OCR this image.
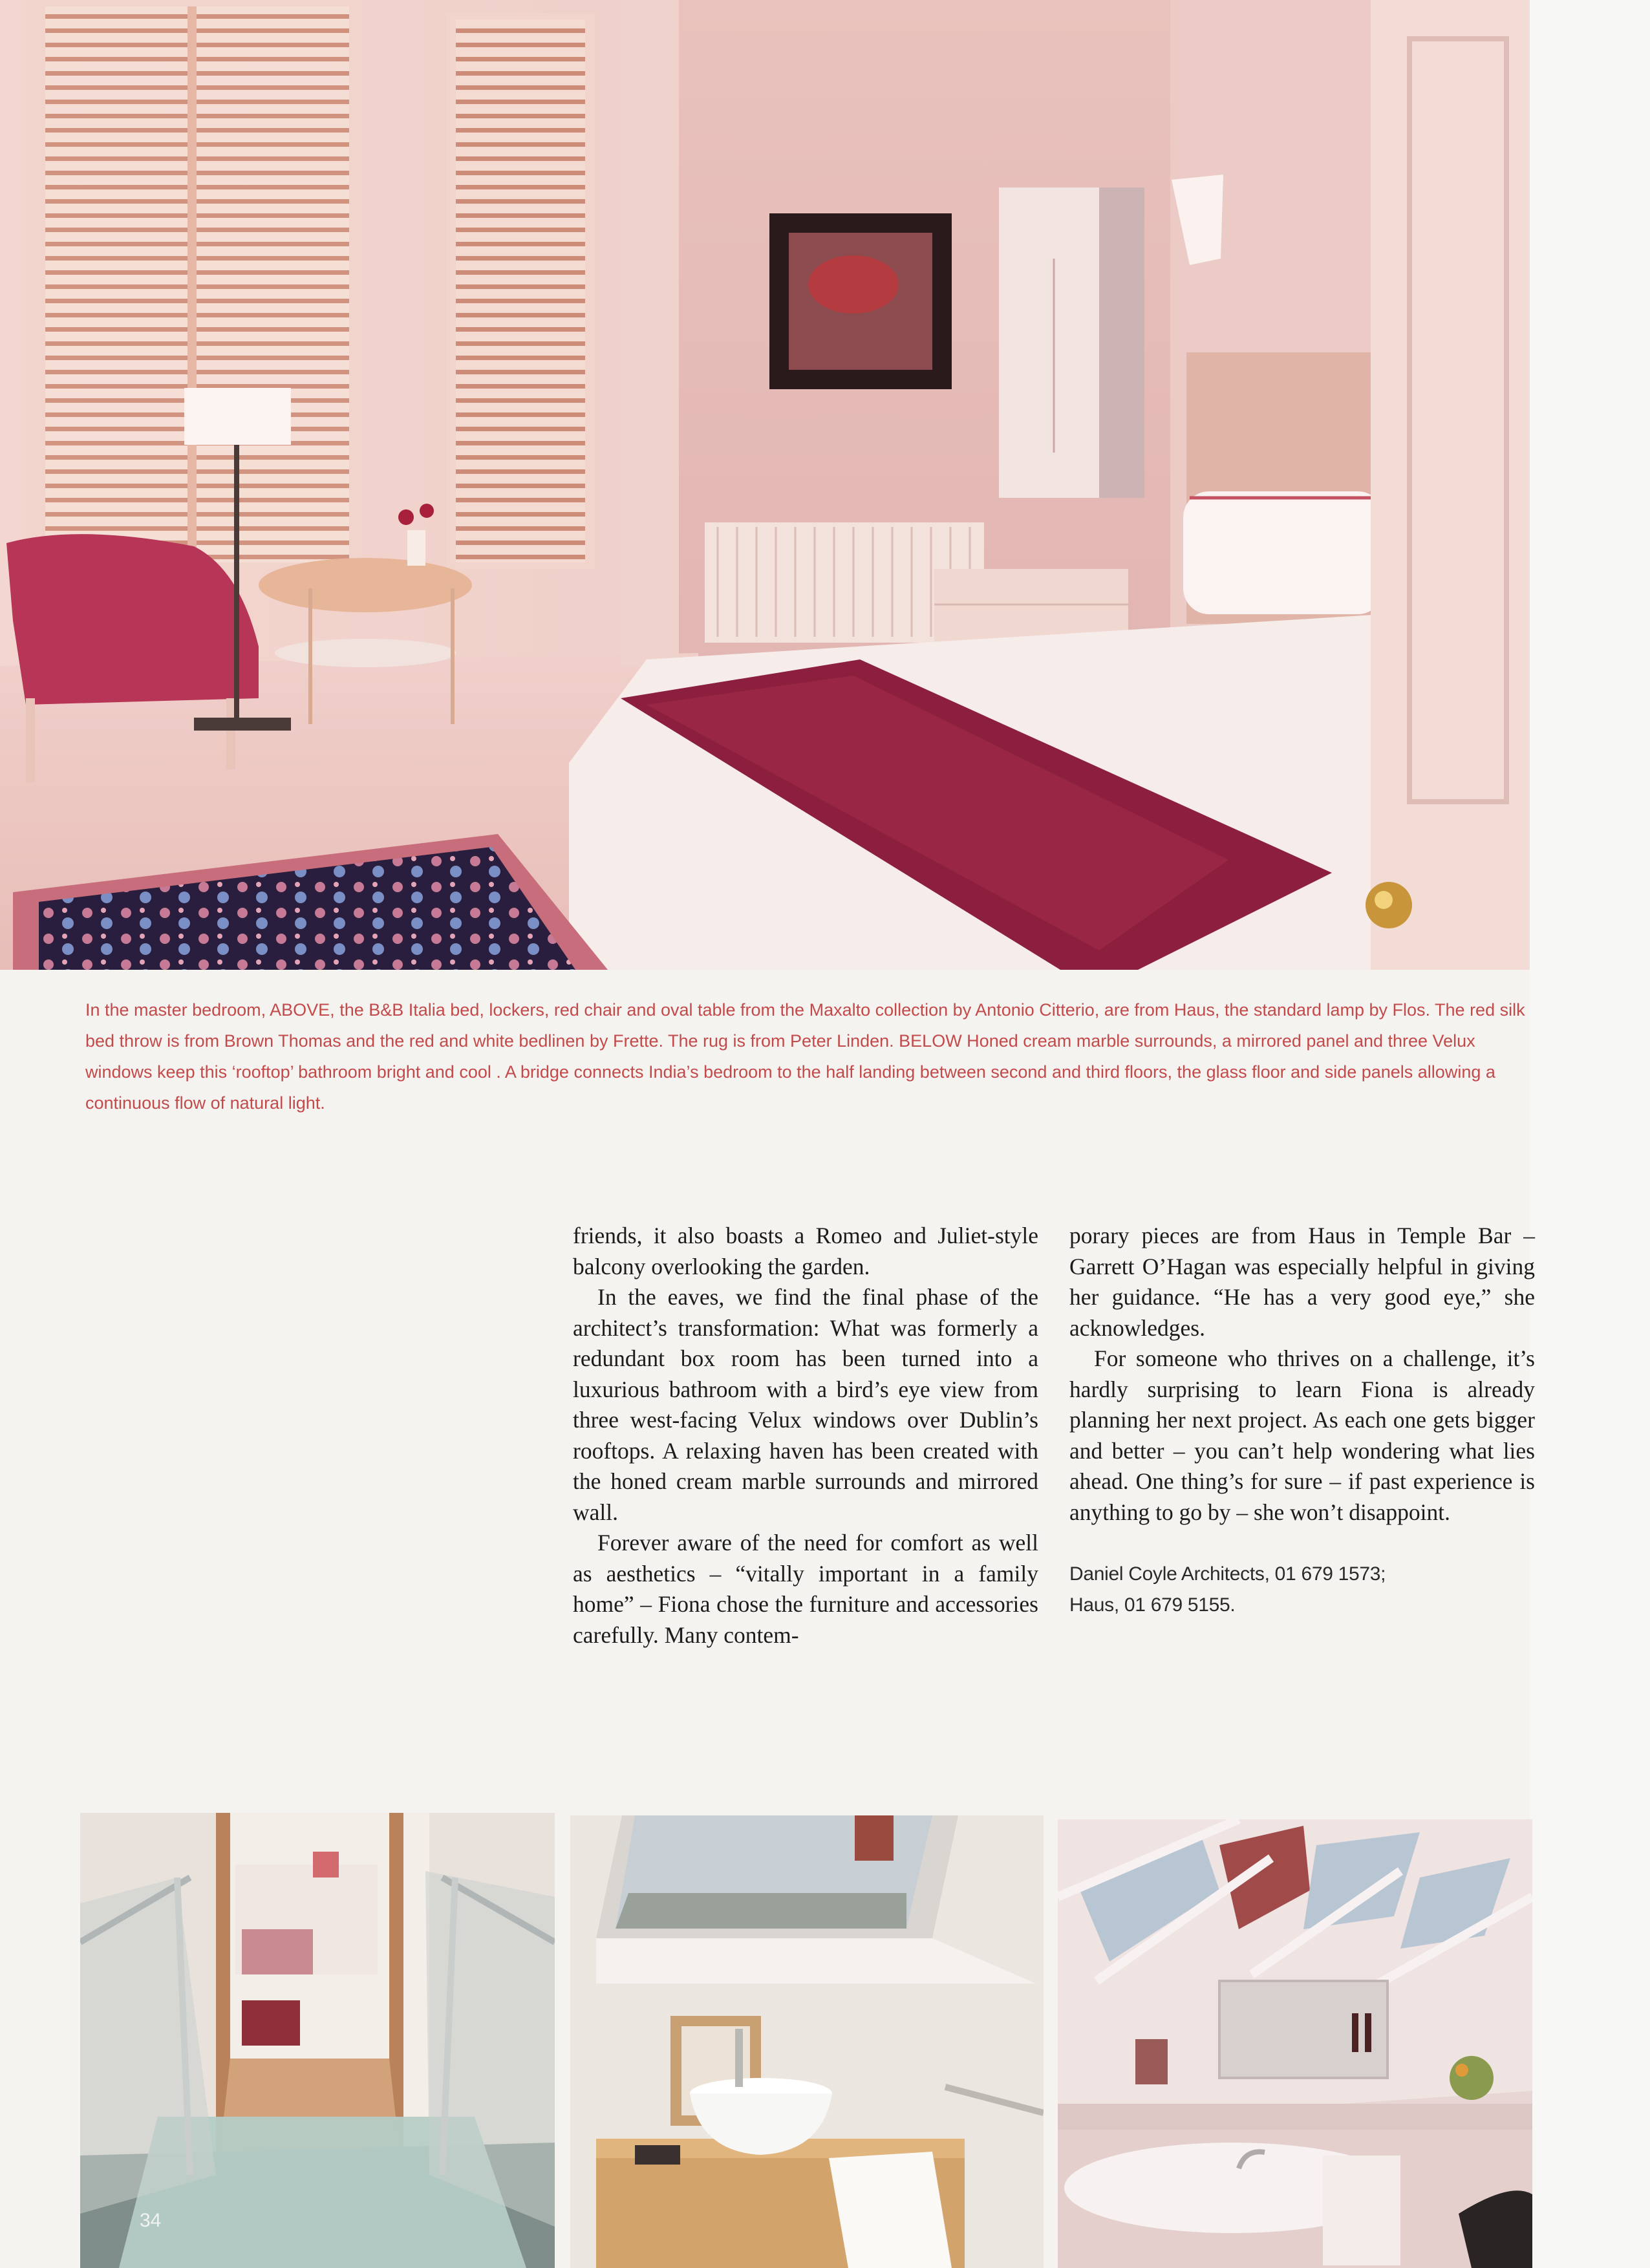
In the master bedroom, ABOVE, the B&B Italia bed, lockers, red chair and oval table from the Maxalto collection by Antonio Citterio, are from Haus, the standard lamp by Flos. The red silk bed throw is from Brown Thomas and the red and white bedlinen by Frette. The rug is from Peter Linden. BELOW Honed cream marble surrounds, a mirrored panel and three Velux windows keep this ‘rooftop’ bathroom bright and cool . A bridge connects India’s bedroom to the half landing between second and third floors, the glass floor and side panels allowing a continuous flow of natural light.

friends, it also boasts a Romeo and Juliet-style balcony overlooking the garden.

In the eaves, we find the final phase of the architect’s transformation: What was formerly a redundant box room has been turned into a luxurious bathroom with a bird’s eye view from three west-facing Velux windows over Dublin’s rooftops. A relaxing haven has been created with the honed cream marble surrounds and mirrored wall.

Forever aware of the need for comfort as well as aesthetics – “vitally important in a family home” – Fiona chose the furniture and accessories carefully. Many contem-

porary pieces are from Haus in Temple Bar – Garrett O’Hagan was especially helpful in giving her guidance. “He has a very good eye,” she acknowledges.

For someone who thrives on a challenge, it’s hardly surprising to learn Fiona is already planning her next project. As each one gets bigger and better – you can’t help wondering what lies ahead. One thing’s for sure – if past experience is anything to go by – she won’t disappoint.

Daniel Coyle Architects, 01 679 1573;
Haus, 01 679 5155.
34
